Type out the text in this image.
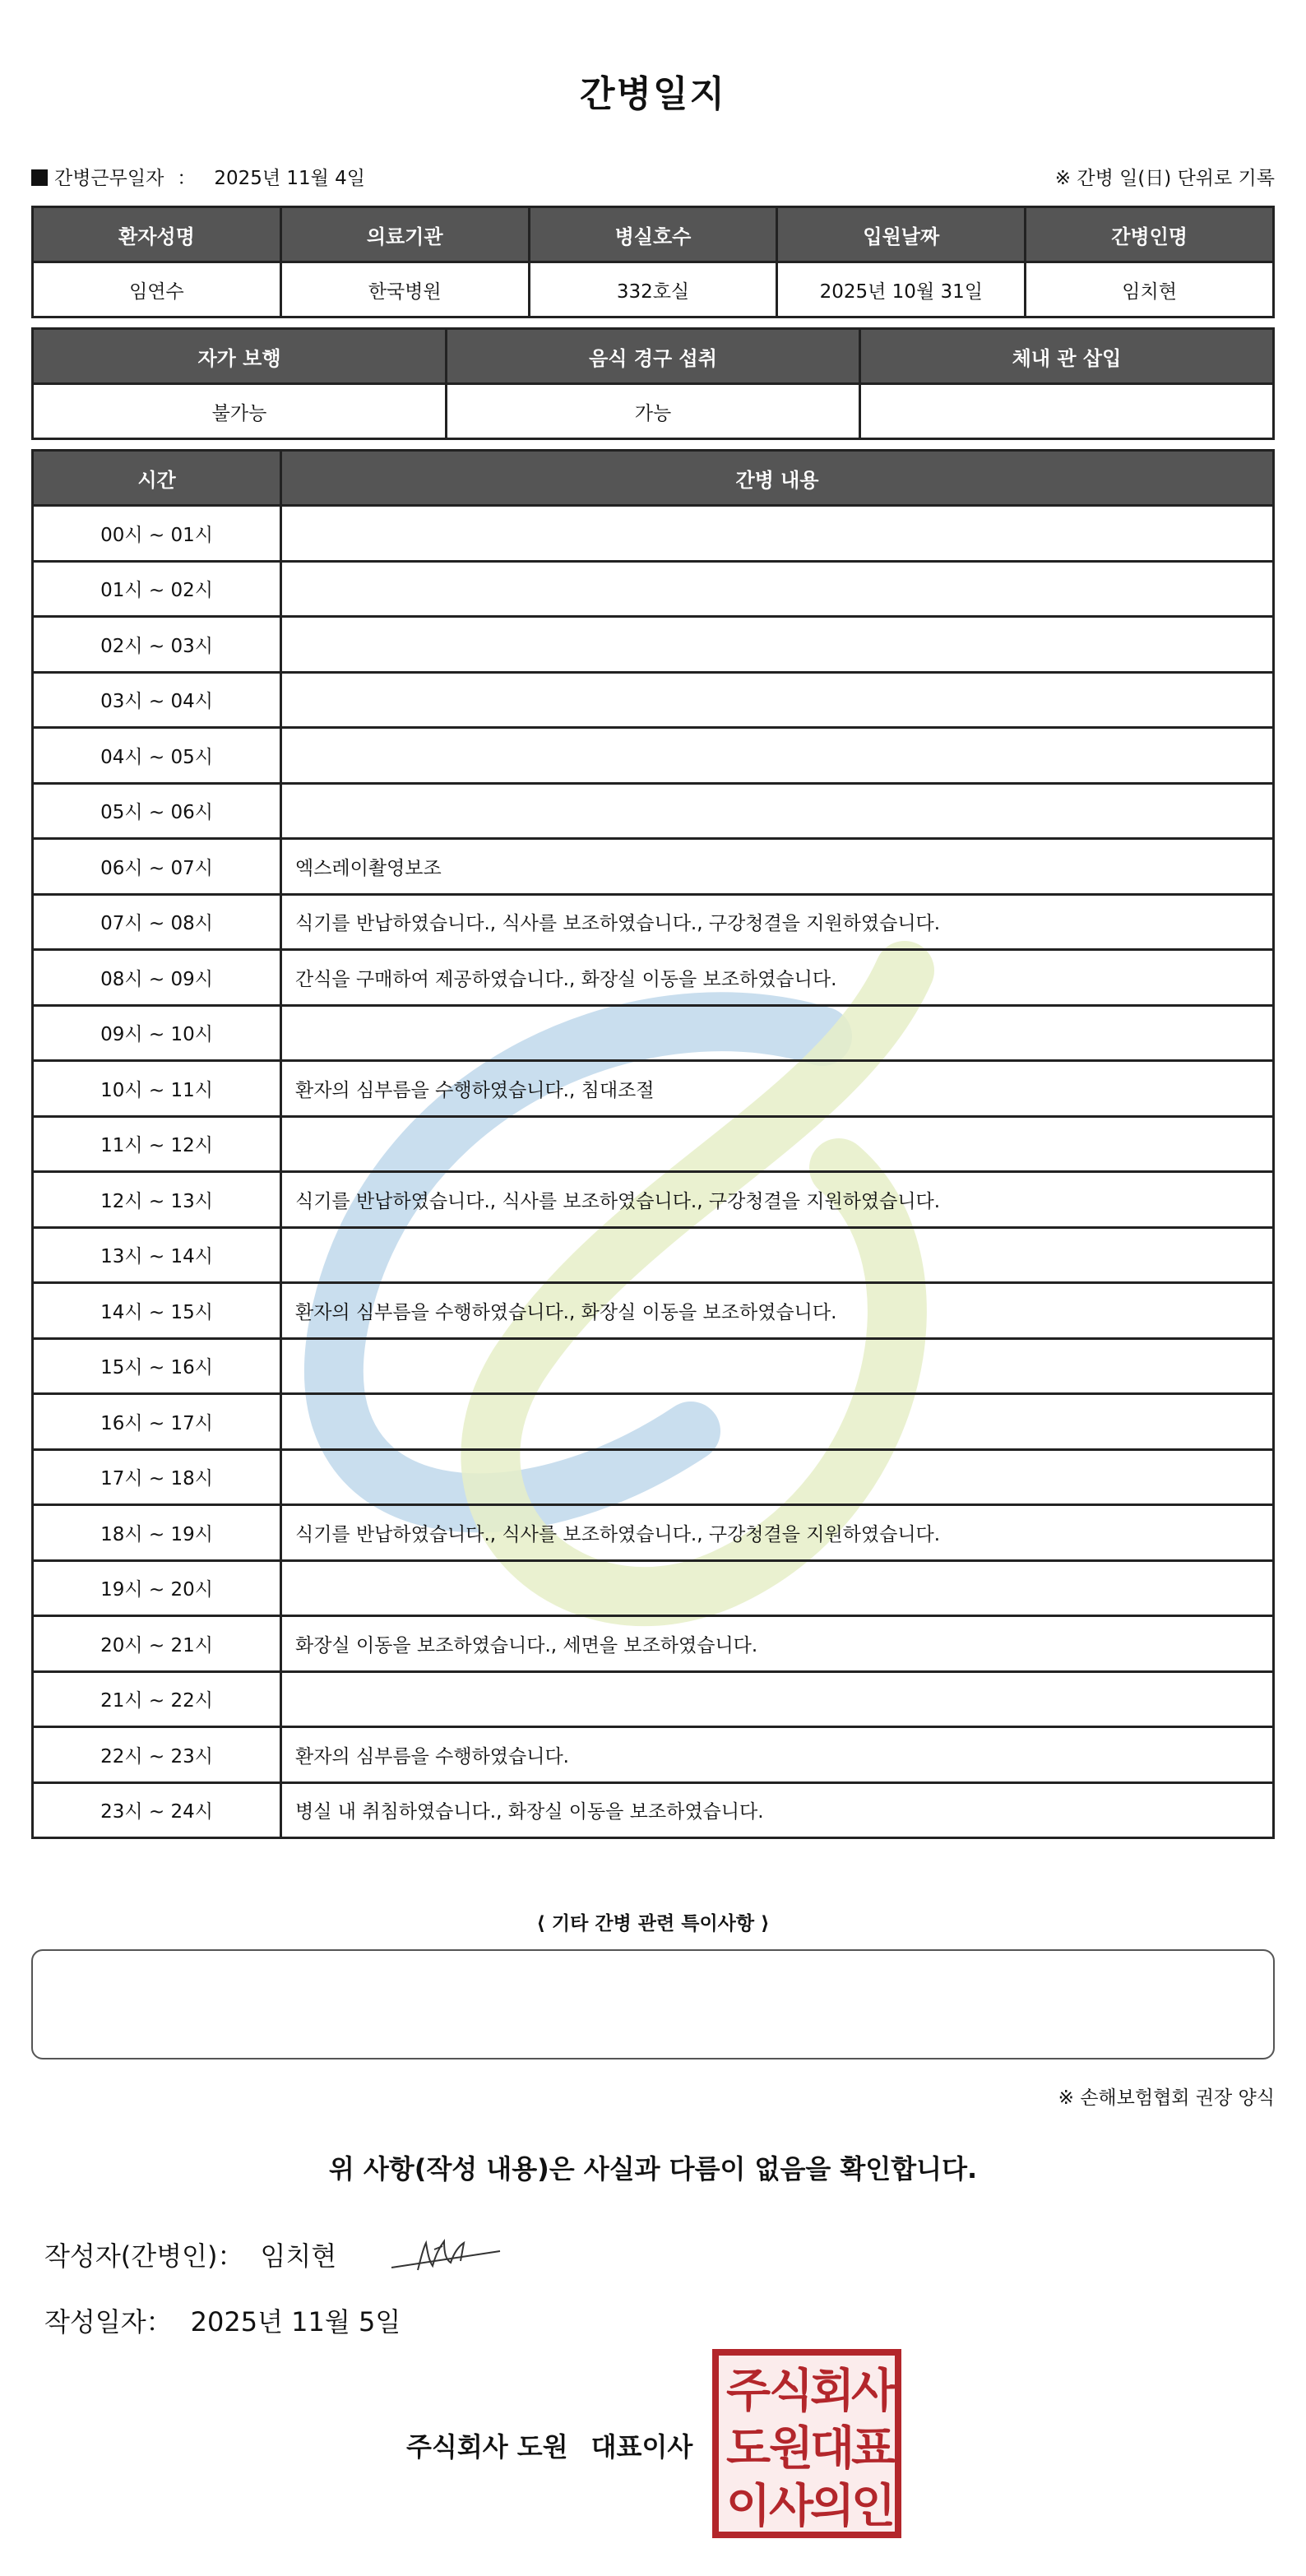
간병일지
간병근무일자 ： 2025년 11월 4일	※ 간병 일(日) 단위로 기록
환자성명	의료기관	병실호수	입원날짜	간병인명
임연수	한국병원	332호실	2025년 10월 31일	임치현
자가 보행	음식 경구 섭취	체내 관 삽입
불가능	가능	
시간	간병 내용
00시 ~ 01시	
01시 ~ 02시	
02시 ~ 03시	
03시 ~ 04시	
04시 ~ 05시	
05시 ~ 06시	
06시 ~ 07시	엑스레이촬영보조
07시 ~ 08시	식기를 반납하였습니다., 식사를 보조하였습니다., 구강청결을 지원하였습니다.
08시 ~ 09시	간식을 구매하여 제공하였습니다., 화장실 이동을 보조하였습니다.
09시 ~ 10시	
10시 ~ 11시	환자의 심부름을 수행하였습니다., 침대조절
11시 ~ 12시	
12시 ~ 13시	식기를 반납하였습니다., 식사를 보조하였습니다., 구강청결을 지원하였습니다.
13시 ~ 14시	
14시 ~ 15시	환자의 심부름을 수행하였습니다., 화장실 이동을 보조하였습니다.
15시 ~ 16시	
16시 ~ 17시	
17시 ~ 18시	
18시 ~ 19시	식기를 반납하였습니다., 식사를 보조하였습니다., 구강청결을 지원하였습니다.
19시 ~ 20시	
20시 ~ 21시	화장실 이동을 보조하였습니다., 세면을 보조하였습니다.
21시 ~ 22시	
22시 ~ 23시	환자의 심부름을 수행하였습니다.
23시 ~ 24시	병실 내 취침하였습니다., 화장실 이동을 보조하였습니다.
⟨ 기타 간병 관련 특이사항 ⟩
※ 손해보험협회 권장 양식
위 사항(작성 내용)은 사실과 다름이 없음을 확인합니다.
작성자(간병인)： 임치현
작성일자： 2025년 11월 5일
주식회사 도원 대표이사
주
식
회
사
도
원
대
표
이
사
의
인
